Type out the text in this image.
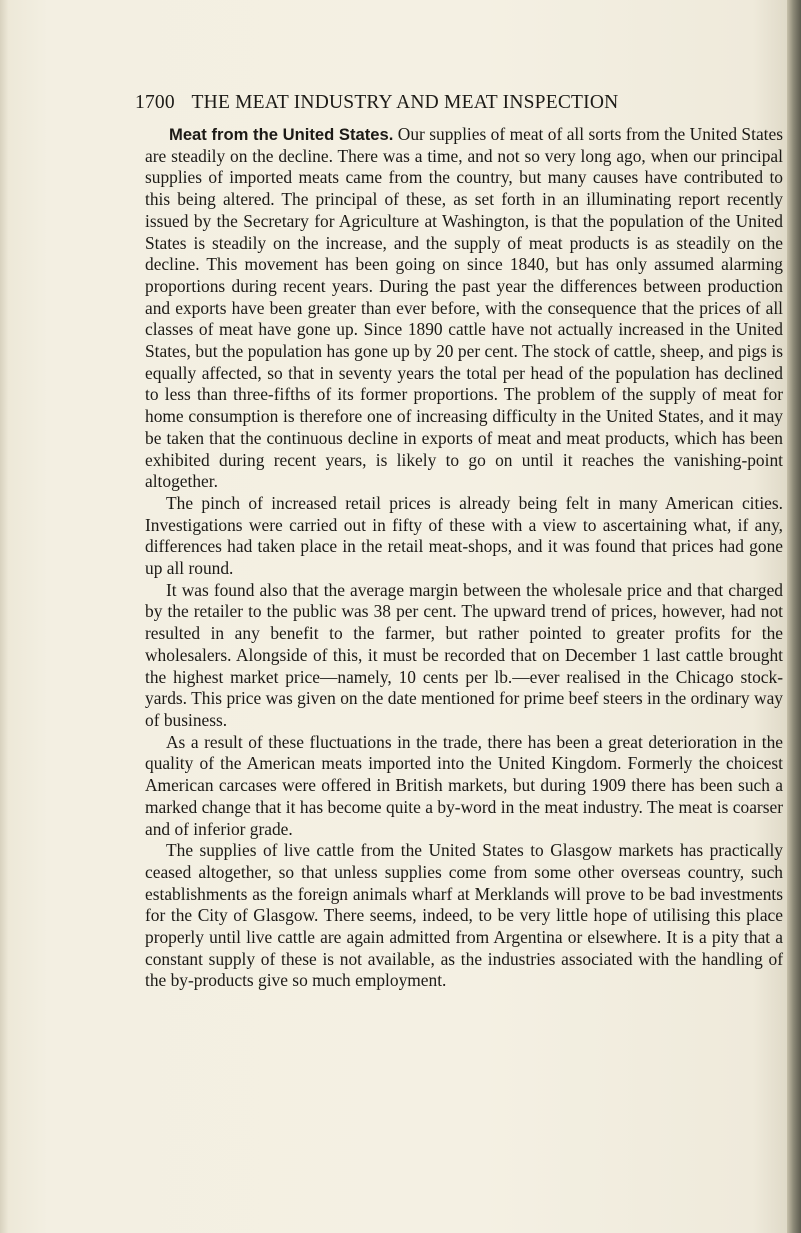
1700 THE MEAT INDUSTRY AND MEAT INSPECTION

Meat from the United States. Our supplies of meat of all sorts from the United States are steadily on the decline. There was a time, and not so very long ago, when our principal supplies of imported meats came from the country, but many causes have contributed to this being altered. The principal of these, as set forth in an illuminating report recently issued by the Secretary for Agriculture at Washington, is that the population of the United States is steadily on the increase, and the supply of meat products is as steadily on the decline. This movement has been going on since 1840, but has only assumed alarming proportions during recent years. During the past year the differences between production and exports have been greater than ever before, with the consequence that the prices of all classes of meat have gone up. Since 1890 cattle have not actually increased in the United States, but the population has gone up by 20 per cent. The stock of cattle, sheep, and pigs is equally affected, so that in seventy years the total per head of the population has declined to less than three-fifths of its former proportions. The problem of the supply of meat for home consumption is therefore one of increasing difficulty in the United States, and it may be taken that the continuous decline in exports of meat and meat products, which has been exhibited during recent years, is likely to go on until it reaches the vanishing-point altogether.

The pinch of increased retail prices is already being felt in many American cities. Investigations were carried out in fifty of these with a view to ascertaining what, if any, differences had taken place in the retail meat-shops, and it was found that prices had gone up all round.

It was found also that the average margin between the wholesale price and that charged by the retailer to the public was 38 per cent. The upward trend of prices, however, had not resulted in any benefit to the farmer, but rather pointed to greater profits for the wholesalers. Alongside of this, it must be recorded that on December 1 last cattle brought the highest market price—namely, 10 cents per lb.—ever realised in the Chicago stock-yards. This price was given on the date mentioned for prime beef steers in the ordinary way of business.

As a result of these fluctuations in the trade, there has been a great deterioration in the quality of the American meats imported into the United Kingdom. Formerly the choicest American carcases were offered in British markets, but during 1909 there has been such a marked change that it has become quite a by-word in the meat industry. The meat is coarser and of inferior grade.

The supplies of live cattle from the United States to Glasgow markets has practically ceased altogether, so that unless supplies come from some other overseas country, such establishments as the foreign animals wharf at Merklands will prove to be bad investments for the City of Glasgow. There seems, indeed, to be very little hope of utilising this place properly until live cattle are again admitted from Argentina or elsewhere. It is a pity that a constant supply of these is not available, as the industries associated with the handling of the by-products give so much employment.
